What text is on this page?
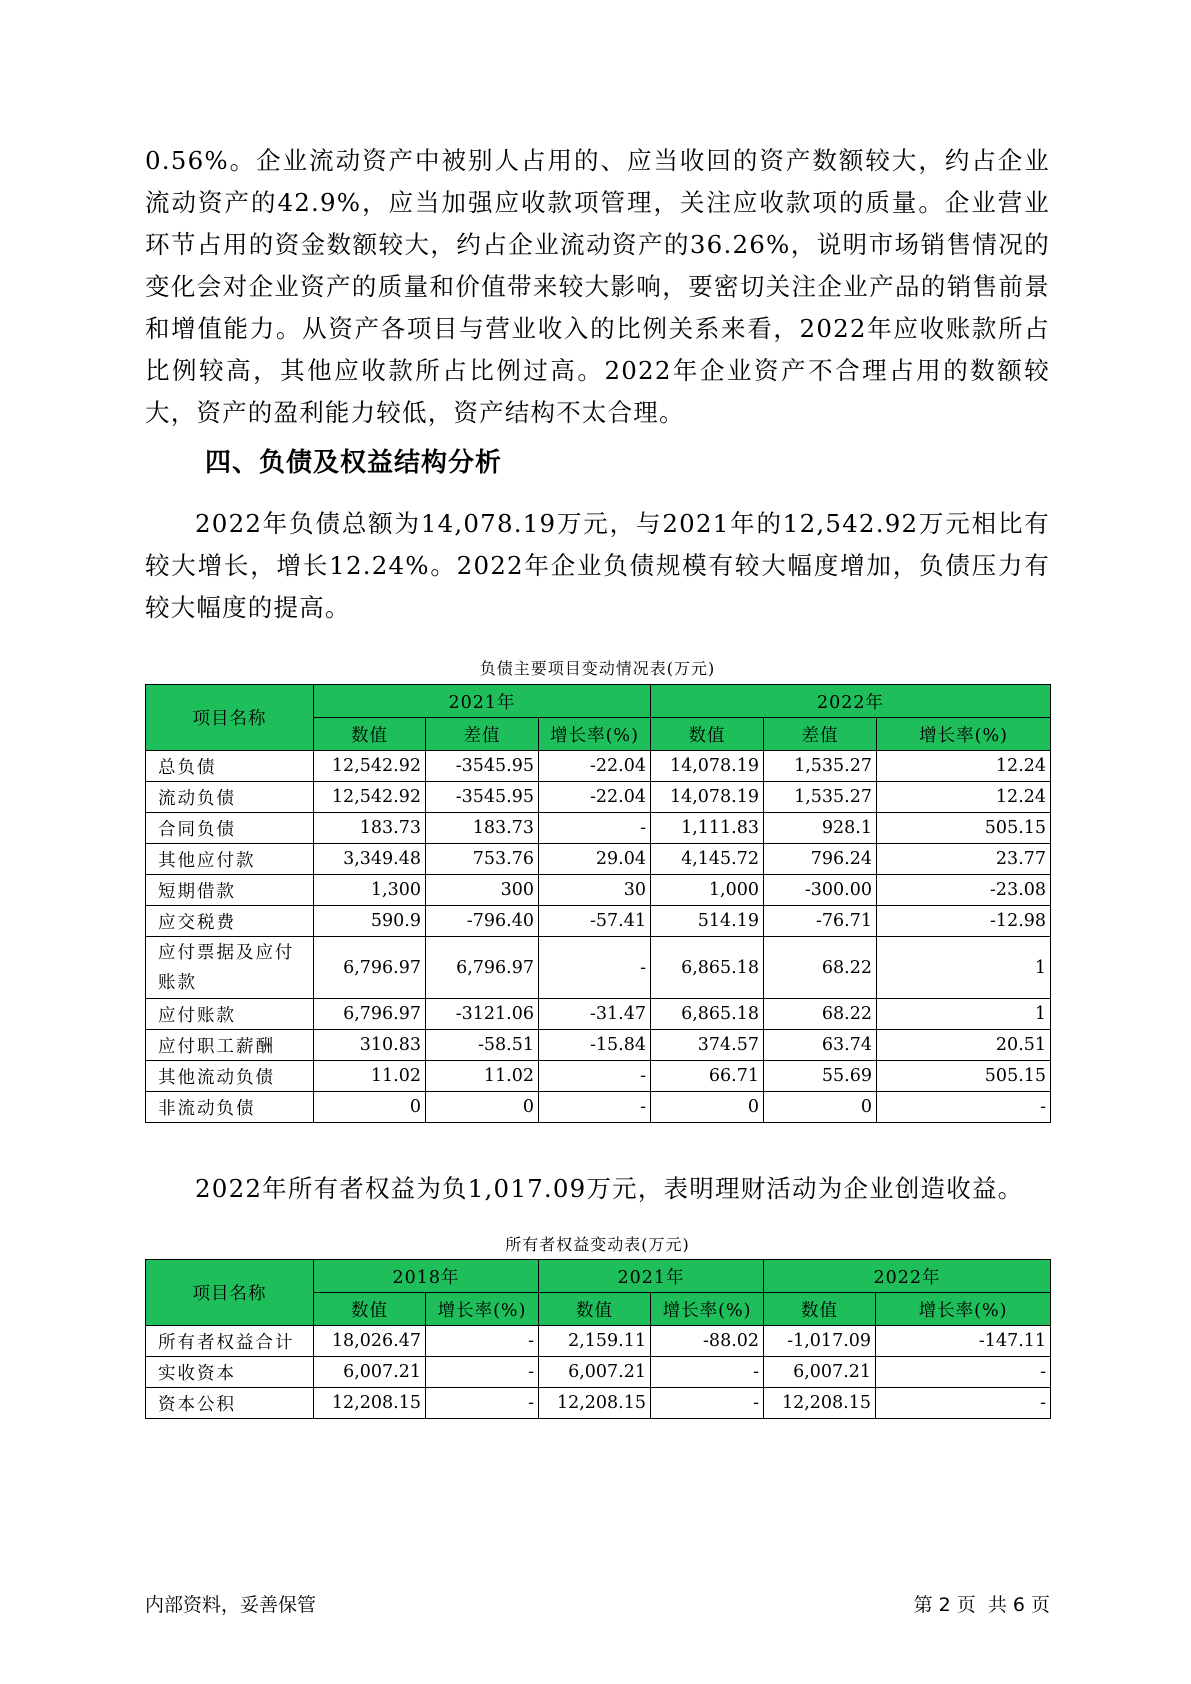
0.56%。企业流动资产中被别人占用的、应当收回的资产数额较大，约占企业流动资产的42.9%，应当加强应收款项管理，关注应收款项的质量。企业营业环节占用的资金数额较大，约占企业流动资产的36.26%，说明市场销售情况的变化会对企业资产的质量和价值带来较大影响，要密切关注企业产品的销售前景和增值能力。从资产各项目与营业收入的比例关系来看，2022年应收账款所占比例较高，其他应收款所占比例过高。2022年企业资产不合理占用的数额较大，资产的盈利能力较低，资产结构不太合理。

四、负债及权益结构分析

2022年负债总额为14,078.19万元，与2021年的12,542.92万元相比有较大增长，增长12.24%。2022年企业负债规模有较大幅度增加，负债压力有较大幅度的提高。

负债主要项目变动情况表(万元)

项目名称	2021年			2022年		
	数值	差值	增长率(%)	数值	差值	增长率(%)
总负债	12,542.92	-3545.95	-22.04	14,078.19	1,535.27	12.24
流动负债	12,542.92	-3545.95	-22.04	14,078.19	1,535.27	12.24
合同负债	183.73	183.73	-	1,111.83	928.1	505.15
其他应付款	3,349.48	753.76	29.04	4,145.72	796.24	23.77
短期借款	1,300	300	30	1,000	-300.00	-23.08
应交税费	590.9	-796.40	-57.41	514.19	-76.71	-12.98
应付票据及应付账款	6,796.97	6,796.97	-	6,865.18	68.22	1
应付账款	6,796.97	-3121.06	-31.47	6,865.18	68.22	1
应付职工薪酬	310.83	-58.51	-15.84	374.57	63.74	20.51
其他流动负债	11.02	11.02	-	66.71	55.69	505.15
非流动负债	0	0	-	0	0	-

2022年所有者权益为负1,017.09万元，表明理财活动为企业创造收益。

所有者权益变动表(万元)

项目名称	2018年		2021年		2022年	
	数值	增长率(%)	数值	增长率(%)	数值	增长率(%)
所有者权益合计	18,026.47	-	2,159.11	-88.02	-1,017.09	-147.11
实收资本	6,007.21	-	6,007.21	-	6,007.21	-
资本公积	12,208.15	-	12,208.15	-	12,208.15	-

内部资料，妥善保管	第 2 页  共 6 页
